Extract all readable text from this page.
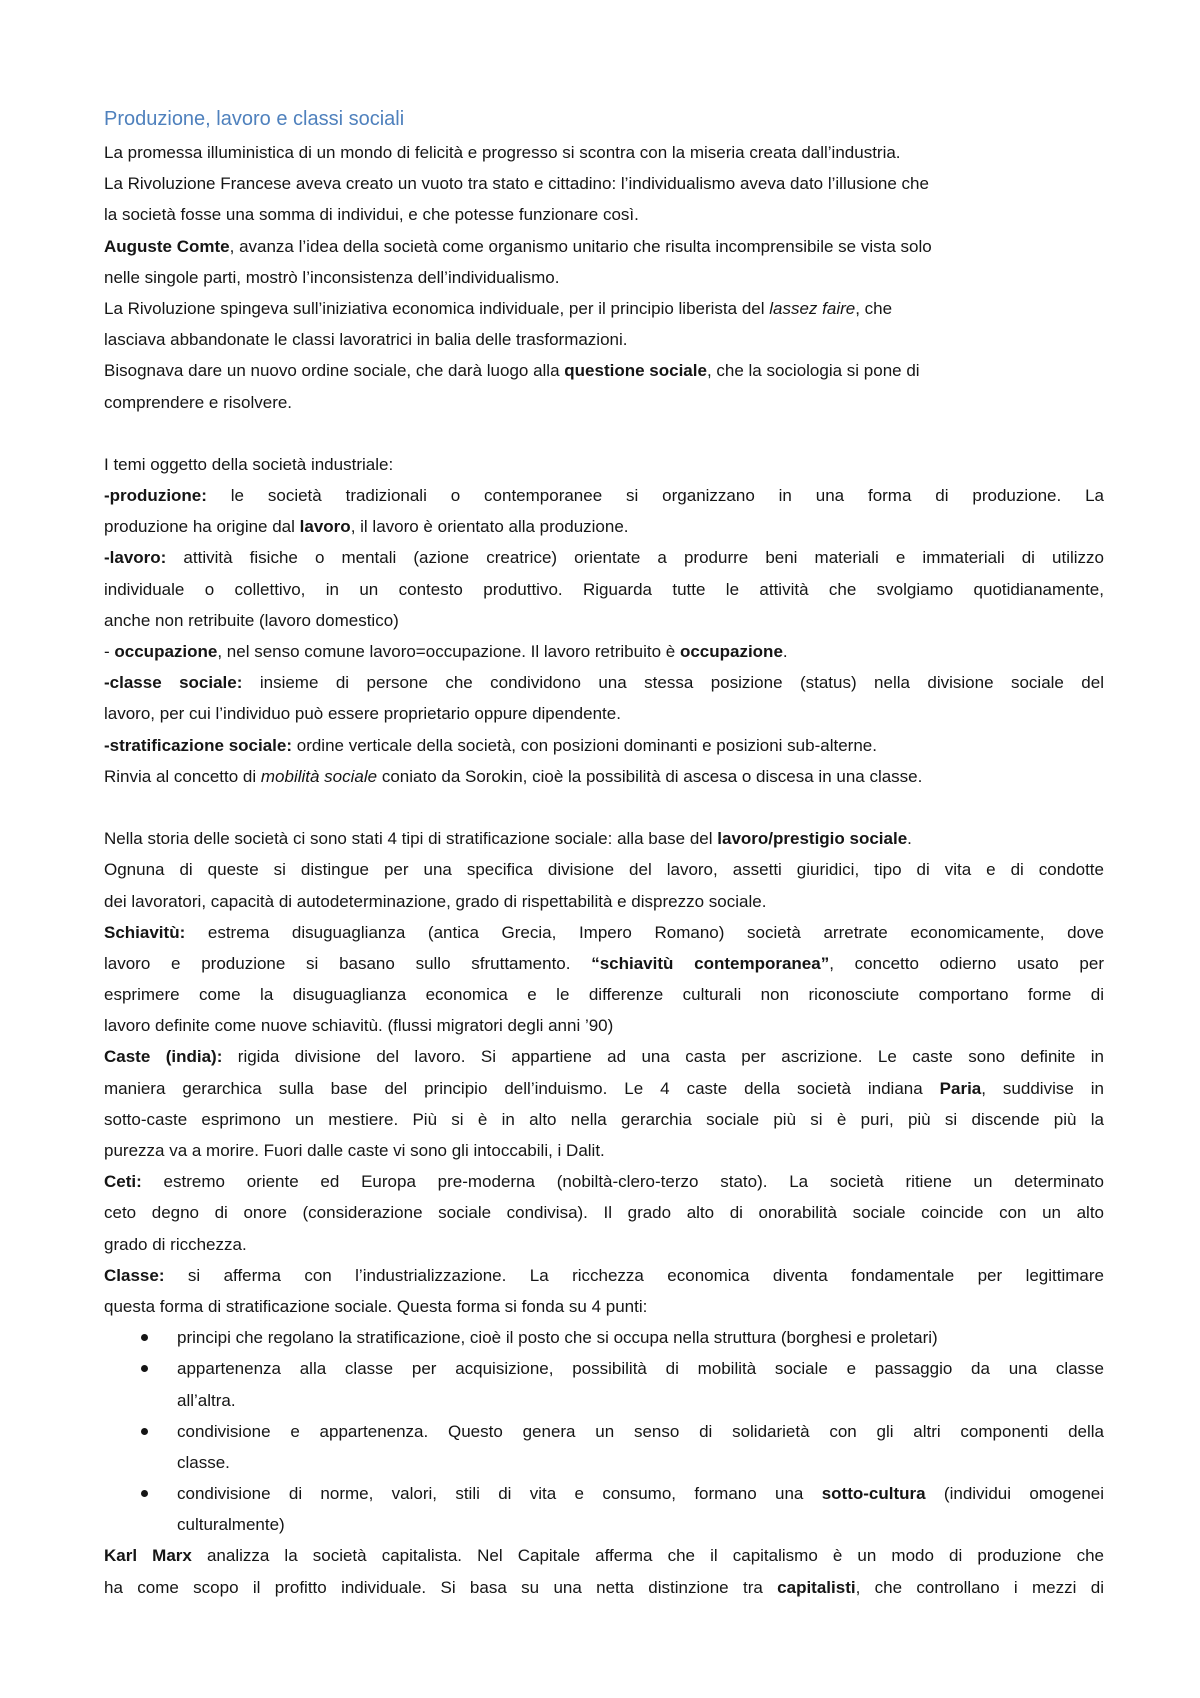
Produzione, lavoro e classi sociali
La promessa illuministica di un mondo di felicità e progresso si scontra con la miseria creata dall’industria.
La Rivoluzione Francese aveva creato un vuoto tra stato e cittadino: l’individualismo aveva dato l’illusione che
la società fosse una somma di individui, e che potesse funzionare così.
Auguste Comte, avanza l’idea della società come organismo unitario che risulta incomprensibile se vista solo
nelle singole parti, mostrò l’inconsistenza dell’individualismo.
La Rivoluzione spingeva sull’iniziativa economica individuale, per il principio liberista del lassez faire, che
lasciava abbandonate le classi lavoratrici in balia delle trasformazioni.
Bisognava dare un nuovo ordine sociale, che darà luogo alla questione sociale, che la sociologia si pone di
comprendere e risolvere.
I temi oggetto della società industriale:
-produzione: le società tradizionali o contemporanee si organizzano in una forma di produzione. La
produzione ha origine dal lavoro, il lavoro è orientato alla produzione.
-lavoro: attività fisiche o mentali (azione creatrice) orientate a produrre beni materiali e immateriali di utilizzo
individuale o collettivo, in un contesto produttivo. Riguarda tutte le attività che svolgiamo quotidianamente,
anche non retribuite (lavoro domestico)
- occupazione, nel senso comune lavoro=occupazione. Il lavoro retribuito è occupazione.
-classe sociale: insieme di persone che condividono una stessa posizione (status) nella divisione sociale del
lavoro, per cui l’individuo può essere proprietario oppure dipendente.
-stratificazione sociale: ordine verticale della società, con posizioni dominanti e posizioni sub-alterne.
Rinvia al concetto di mobilità sociale coniato da Sorokin, cioè la possibilità di ascesa o discesa in una classe.
Nella storia delle società ci sono stati 4 tipi di stratificazione sociale: alla base del lavoro/prestigio sociale.
Ognuna di queste si distingue per una specifica divisione del lavoro, assetti giuridici, tipo di vita e di condotte
dei lavoratori, capacità di autodeterminazione, grado di rispettabilità e disprezzo sociale.
Schiavitù: estrema disuguaglianza (antica Grecia, Impero Romano) società arretrate economicamente, dove
lavoro e produzione si basano sullo sfruttamento. “schiavitù contemporanea”, concetto odierno usato per
esprimere come la disuguaglianza economica e le differenze culturali non riconosciute comportano forme di
lavoro definite come nuove schiavitù. (flussi migratori degli anni ’90)
Caste (india): rigida divisione del lavoro. Si appartiene ad una casta per ascrizione. Le caste sono definite in
maniera gerarchica sulla base del principio dell’induismo. Le 4 caste della società indiana Paria, suddivise in
sotto-caste esprimono un mestiere. Più si è in alto nella gerarchia sociale più si è puri, più si discende più la
purezza va a morire. Fuori dalle caste vi sono gli intoccabili, i Dalit.
Ceti: estremo oriente ed Europa pre-moderna (nobiltà-clero-terzo stato). La società ritiene un determinato
ceto degno di onore (considerazione sociale condivisa). Il grado alto di onorabilità sociale coincide con un alto
grado di ricchezza.
Classe: si afferma con l’industrializzazione. La ricchezza economica diventa fondamentale per legittimare
questa forma di stratificazione sociale. Questa forma si fonda su 4 punti:
principi che regolano la stratificazione, cioè il posto che si occupa nella struttura (borghesi e proletari)
appartenenza alla classe per acquisizione, possibilità di mobilità sociale e passaggio da una classe
all’altra.
condivisione e appartenenza. Questo genera un senso di solidarietà con gli altri componenti della
classe.
condivisione di norme, valori, stili di vita e consumo, formano una sotto-cultura (individui omogenei
culturalmente)
Karl Marx analizza la società capitalista. Nel Capitale afferma che il capitalismo è un modo di produzione che
ha come scopo il profitto individuale. Si basa su una netta distinzione tra capitalisti, che controllano i mezzi di
